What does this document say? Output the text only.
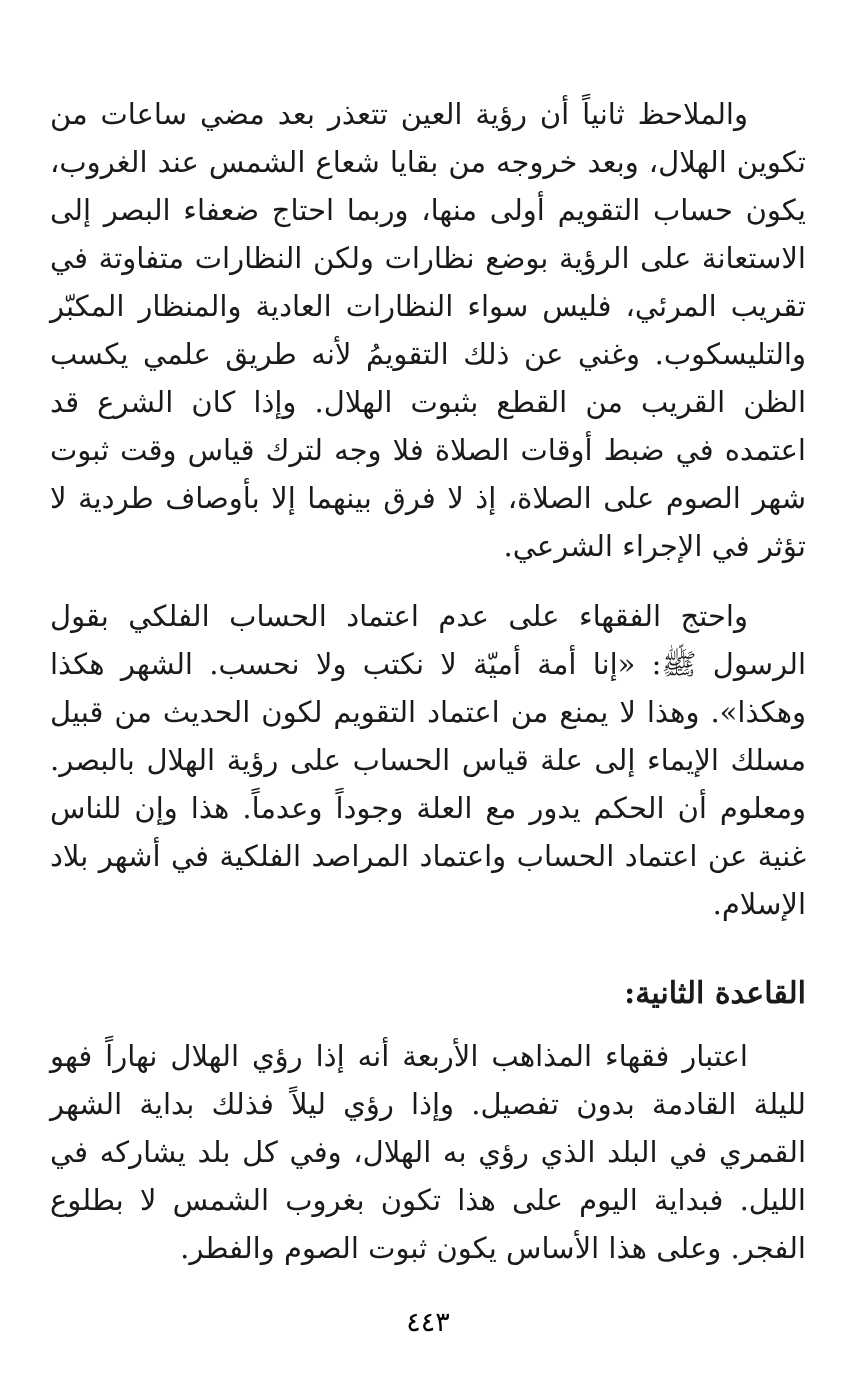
والملاحظ ثانياً أن رؤية العين تتعذر بعد مضي ساعات من تكوين الهلال، وبعد خروجه من بقايا شعاع الشمس عند الغروب، يكون حساب التقويم أولى منها، وربما احتاج ضعفاء البصر إلى الاستعانة على الرؤية بوضع نظارات ولكن النظارات متفاوتة في تقريب المرئي، فليس سواء النظارات العادية والمنظار المكبّر والتليسكوب. وغني عن ذلك التقويمُ لأنه طريق علمي يكسب الظن القريب من القطع بثبوت الهلال. وإذا كان الشرع قد اعتمده في ضبط أوقات الصلاة فلا وجه لترك قياس وقت ثبوت شهر الصوم على الصلاة، إذ لا فرق بينهما إلا بأوصاف طردية لا تؤثر في الإجراء الشرعي.

واحتج الفقهاء على عدم اعتماد الحساب الفلكي بقول الرسول ﷺ: «إنا أمة أميّة لا نكتب ولا نحسب. الشهر هكذا وهكذا». وهذا لا يمنع من اعتماد التقويم لكون الحديث من قبيل مسلك الإيماء إلى علة قياس الحساب على رؤية الهلال بالبصر. ومعلوم أن الحكم يدور مع العلة وجوداً وعدماً. هذا وإن للناس غنية عن اعتماد الحساب واعتماد المراصد الفلكية في أشهر بلاد الإسلام.

القاعدة الثانية:

اعتبار فقهاء المذاهب الأربعة أنه إذا رؤي الهلال نهاراً فهو لليلة القادمة بدون تفصيل. وإذا رؤي ليلاً فذلك بداية الشهر القمري في البلد الذي رؤي به الهلال، وفي كل بلد يشاركه في الليل. فبداية اليوم على هذا تكون بغروب الشمس لا بطلوع الفجر. وعلى هذا الأساس يكون ثبوت الصوم والفطر.

٤٤٣
